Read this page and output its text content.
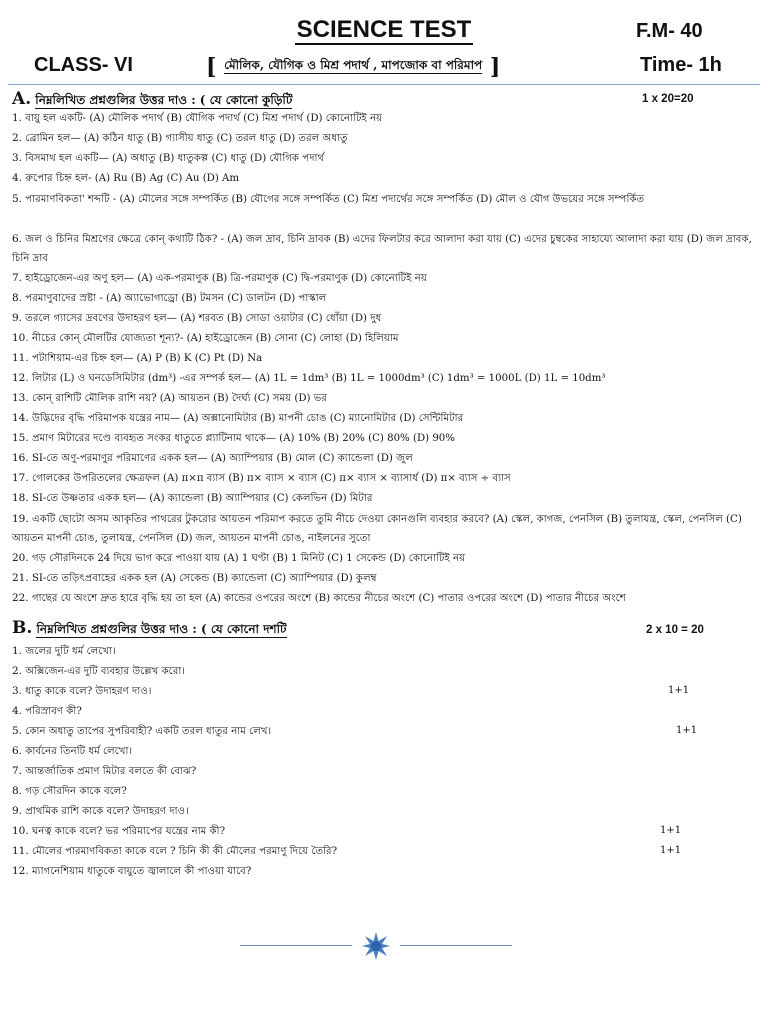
SCIENCE TEST	F.M- 40
CLASS- VI	[ মৌলিক, যৌগিক ও মিশ্র পদার্থ , মাপজোক বা পরিমাপ ]	Time- 1h
A. নিম্নলিখিত প্রশ্নগুলির উত্তর দাও : ( যে কোনো কুড়িটি	1 x 20=20
1. বায়ু হল একটি- (A) মৌলিক পদার্থ (B) যৌগিক পদার্থ (C) মিশ্র পদার্থ (D) কোনোটিই নয়
2. ব্রোমিন হল— (A) কঠিন ধাতু (B) গ্যাসীয় ধাতু (C) তরল ধাতু (D) তরল অধাতু
3. বিসমাথ হল একটি— (A) অধাতু (B) ধাতুকল্প (C) ধাতু (D) যৌগিক পদার্থ
4. রুপোর চিহ্ন হল- (A) Ru (B) Ag (C) Au (D) Am
5. পারমাণবিকতা' শব্দটি - (A) মৌলের সঙ্গে সম্পর্কিত (B) যৌগের সঙ্গে সম্পর্কিত (C) মিশ্র পদার্থের সঙ্গে সম্পর্কিত (D) মৌল ও যৌগ উভয়ের সঙ্গে সম্পর্কিত
6. জল ও চিনির মিশ্রণের ক্ষেত্রে কোন্ কথাটি ঠিক? - (A) জল দ্রাব, চিনি দ্রাবক (B) এদের ফিলটার করে আলাদা করা যায় (C) এদের চুম্বকের সাহায্যে আলাদা করা যায় (D) জল দ্রাবক, চিনি দ্রাব
7. হাইড্রোজেন-এর অণু হল— (A) এক-পরমাণুক (B) ত্রি-পরমাণুক (C) দ্বি-পরমাণুক (D) কোনোটিই নয়
8. পরমাণুবাদের স্রষ্টা - (A) অ্যাভোগাড্রো (B) টমসন (C) ডালটন (D) পাস্কাল
9. তরলে গ্যাসের দ্রবণের উদাহরণ হল— (A) শরবত (B) সোডা ওয়াটার (C) ধোঁয়া (D) দুধ
10. নীচের কোন্ মৌলটির যোজ্যতা শূন্য?- (A) হাইড্রোজেন (B) সোনা (C) লোহা (D) হিলিয়াম
11. পটাশিয়াম-এর চিহ্ন হল— (A) P (B) K (C) Pt (D) Na
12. লিটার (L) ও ঘনডেসিমিটার (dm³) -এর সম্পর্ক হল— (A) 1L = 1dm³ (B) 1L = 1000dm³ (C) 1dm³ = 1000L (D) 1L = 10dm³
13. কোন্ রাশিটি মৌলিক রাশি নয়? (A) আয়তন (B) দৈর্ঘ্য (C) সময় (D) ভর
14. উদ্ভিদের বৃদ্ধি পরিমাপক যন্ত্রের নাম— (A) অক্সানোমিটার (B) মাপনী চোঙ (C) ম্যানোমিটার (D) সেন্টিমিটার
15. প্রমাণ মিটারের দণ্ডে ব্যবহৃত সংকর ধাতুতে প্ল্যাটিনাম থাকে— (A) 10% (B) 20% (C) 80% (D) 90%
16. SI-তে অণু-পরমাণুর পরিমাণের একক হল— (A) অ্যাম্পিয়ার (B) মোল (C) ক্যান্ডেলা (D) জুল
17. গোলকের উপরিতলের ক্ষেত্রফল (A) π×π ব্যাস (B) π× ব্যাস × ব্যাস (C) π× ব্যাস × ব্যাসার্ধ (D) π× ব্যাস ÷ ব্যাস
18. SI-তে উষ্ণতার একক হল— (A) ক্যান্ডেলা (B) অ্যাম্পিয়ার (C) কেলভিন (D) মিটার
19. একটি ছোটো অসম আকৃতির পাথরের টুকরোর আয়তন পরিমাপ করতে তুমি নীচে দেওয়া কোনগুলি ব্যবহার করবে? (A) স্কেল, কাগজ, পেনসিল (B) তুলাযন্ত্র, স্কেল, পেনসিল (C) আয়তন মাপনী চোঙ, তুলাযন্ত্র, পেনসিল (D) জল, আয়তন মাপনী চোঙ, নাইলনের সুতো
20. গড় সৌরদিনকে 24 দিয়ে ভাগ করে পাওয়া যায় (A) 1 ঘণ্টা (B) 1 মিনিট (C) 1 সেকেন্ড (D) কোনোটিই নয়
21. SI-তে তড়িৎপ্রবাহের একক হল (A) সেকেন্ড (B) ক্যান্ডেলা (C) অ্যাম্পিয়ার (D) কুলম্ব
22. গাছের যে অংশে দ্রুত হারে বৃদ্ধি হয় তা হল (A) কান্ডের ওপরের অংশে (B) কান্ডের নীচের অংশে (C) পাতার ওপরের অংশে (D) পাতার নীচের অংশে
B. নিম্নলিখিত প্রশ্নগুলির উত্তর দাও : ( যে কোনো দশটি	2 x 10 = 20
1. জলের দুটি ধর্ম লেখো।
2. অক্সিজেন-এর দুটি ব্যবহার উল্লেখ করো।
3. ধাতু কাকে বলে? উদাহরণ দাও।	1+1
4. পরিস্রাবণ কী?
5. কোন অধাতু তাপের সুপরিবাহী? একটি তরল ধাতুর নাম লেখ।	1+1
6. কার্বনের তিনটি ধর্ম লেখো।
7. আন্তর্জাতিক প্রমাণ মিটার বলতে কী বোঝ?
8. গড় সৌরদিন কাকে বলে?
9. প্রাথমিক রাশি কাকে বলে? উদাহরণ দাও।
10. ঘনত্ব কাকে বলে? ভর পরিমাপের যন্ত্রের নাম কী?	1+1
11. মৌলের পারমাণবিকতা কাকে বলে ? চিনি কী কী মৌলের পরমাণু দিয়ে তৈরি?	1+1
12. ম্যাগনেশিয়াম ধাতুকে বায়ুতে জ্বালালে কী পাওয়া যাবে?
